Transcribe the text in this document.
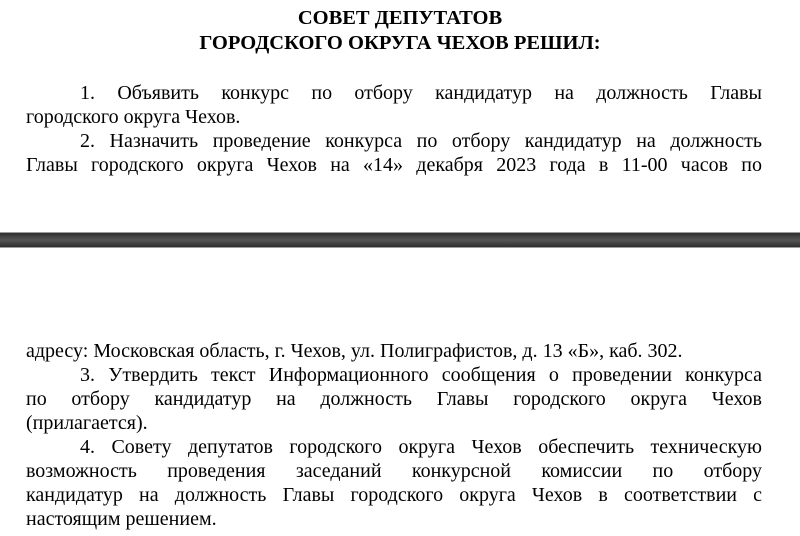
СОВЕТ ДЕПУТАТОВ
ГОРОДСКОГО ОКРУГА ЧЕХОВ РЕШИЛ:
1. Объявить конкурс по отбору кандидатур на должность Главы
городского округа Чехов.
2. Назначить проведение конкурса по отбору кандидатур на должность
Главы городского округа Чехов на «14» декабря 2023 года в 11-00 часов по
адресу: Московская область, г. Чехов, ул. Полиграфистов, д. 13 «Б», каб. 302.
3. Утвердить текст Информационного сообщения о проведении конкурса
по отбору кандидатур на должность Главы городского округа Чехов
(прилагается).
4. Совету депутатов городского округа Чехов обеспечить техническую
возможность проведения заседаний конкурсной комиссии по отбору
кандидатур на должность Главы городского округа Чехов в соответствии с
настоящим решением.
